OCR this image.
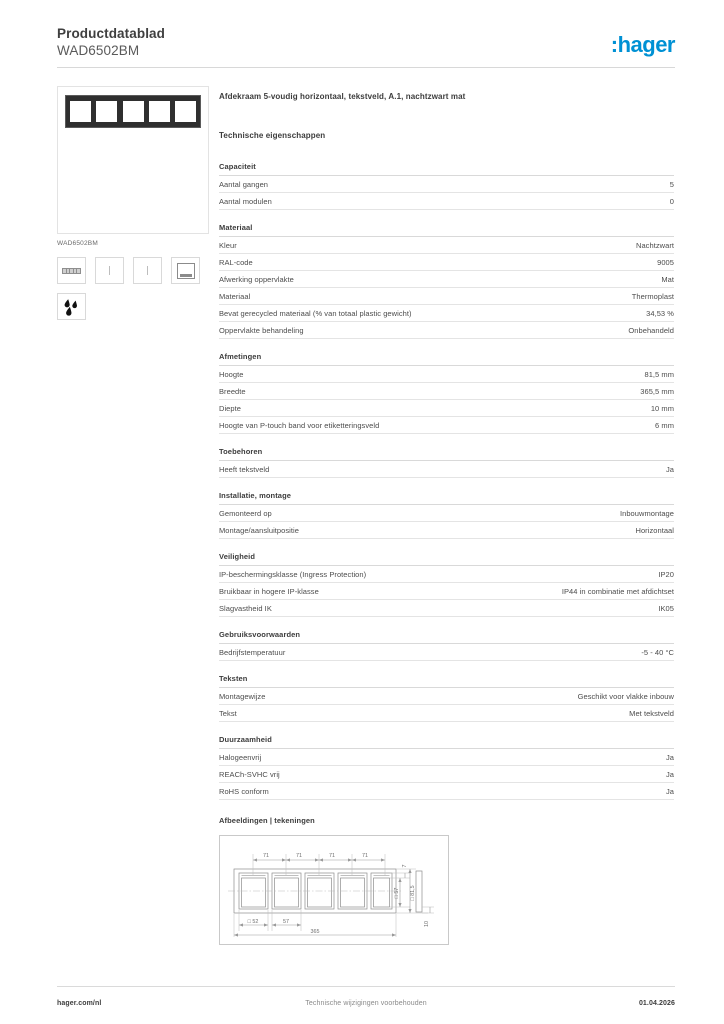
Productdatablad
WAD6502BM	:hager
WAD6502BM
Afdekraam 5-voudig horizontaal, tekstveld, A.1, nachtzwart mat
Technische eigenschappen
Capaciteit
Aantal gangen	5
Aantal modulen	0
Materiaal
Kleur	Nachtzwart
RAL-code	9005
Afwerking oppervlakte	Mat
Materiaal	Thermoplast
Bevat gerecycled materiaal (% van totaal plastic gewicht)	34,53 %
Oppervlakte behandeling	Onbehandeld
Afmetingen
Hoogte	81,5 mm
Breedte	365,5 mm
Diepte	10 mm
Hoogte van P-touch band voor etiketteringsveld	6 mm
Toebehoren
Heeft tekstveld	Ja
Installatie, montage
Gemonteerd op	Inbouwmontage
Montage/aansluitpositie	Horizontaal
Veiligheid
IP-beschermingsklasse (Ingress Protection)	IP20
Bruikbaar in hogere IP-klasse	IP44 in combinatie met afdichtset
Slagvastheid IK	IK05
Gebruiksvoorwaarden
Bedrijfstemperatuur	-5 - 40 °C
Teksten
Montagewijze	Geschikt voor vlakke inbouw
Tekst	Met tekstveld
Duurzaamheid
Halogeenvrij	Ja
REACh-SVHC vrij	Ja
RoHS conform	Ja
Afbeeldingen | tekeningen
71	71	71	71
□ 52	57
365
7
□ 57 □ 81,5
10
hager.com/nl	Technische wijzigingen voorbehouden	01.04.2026
